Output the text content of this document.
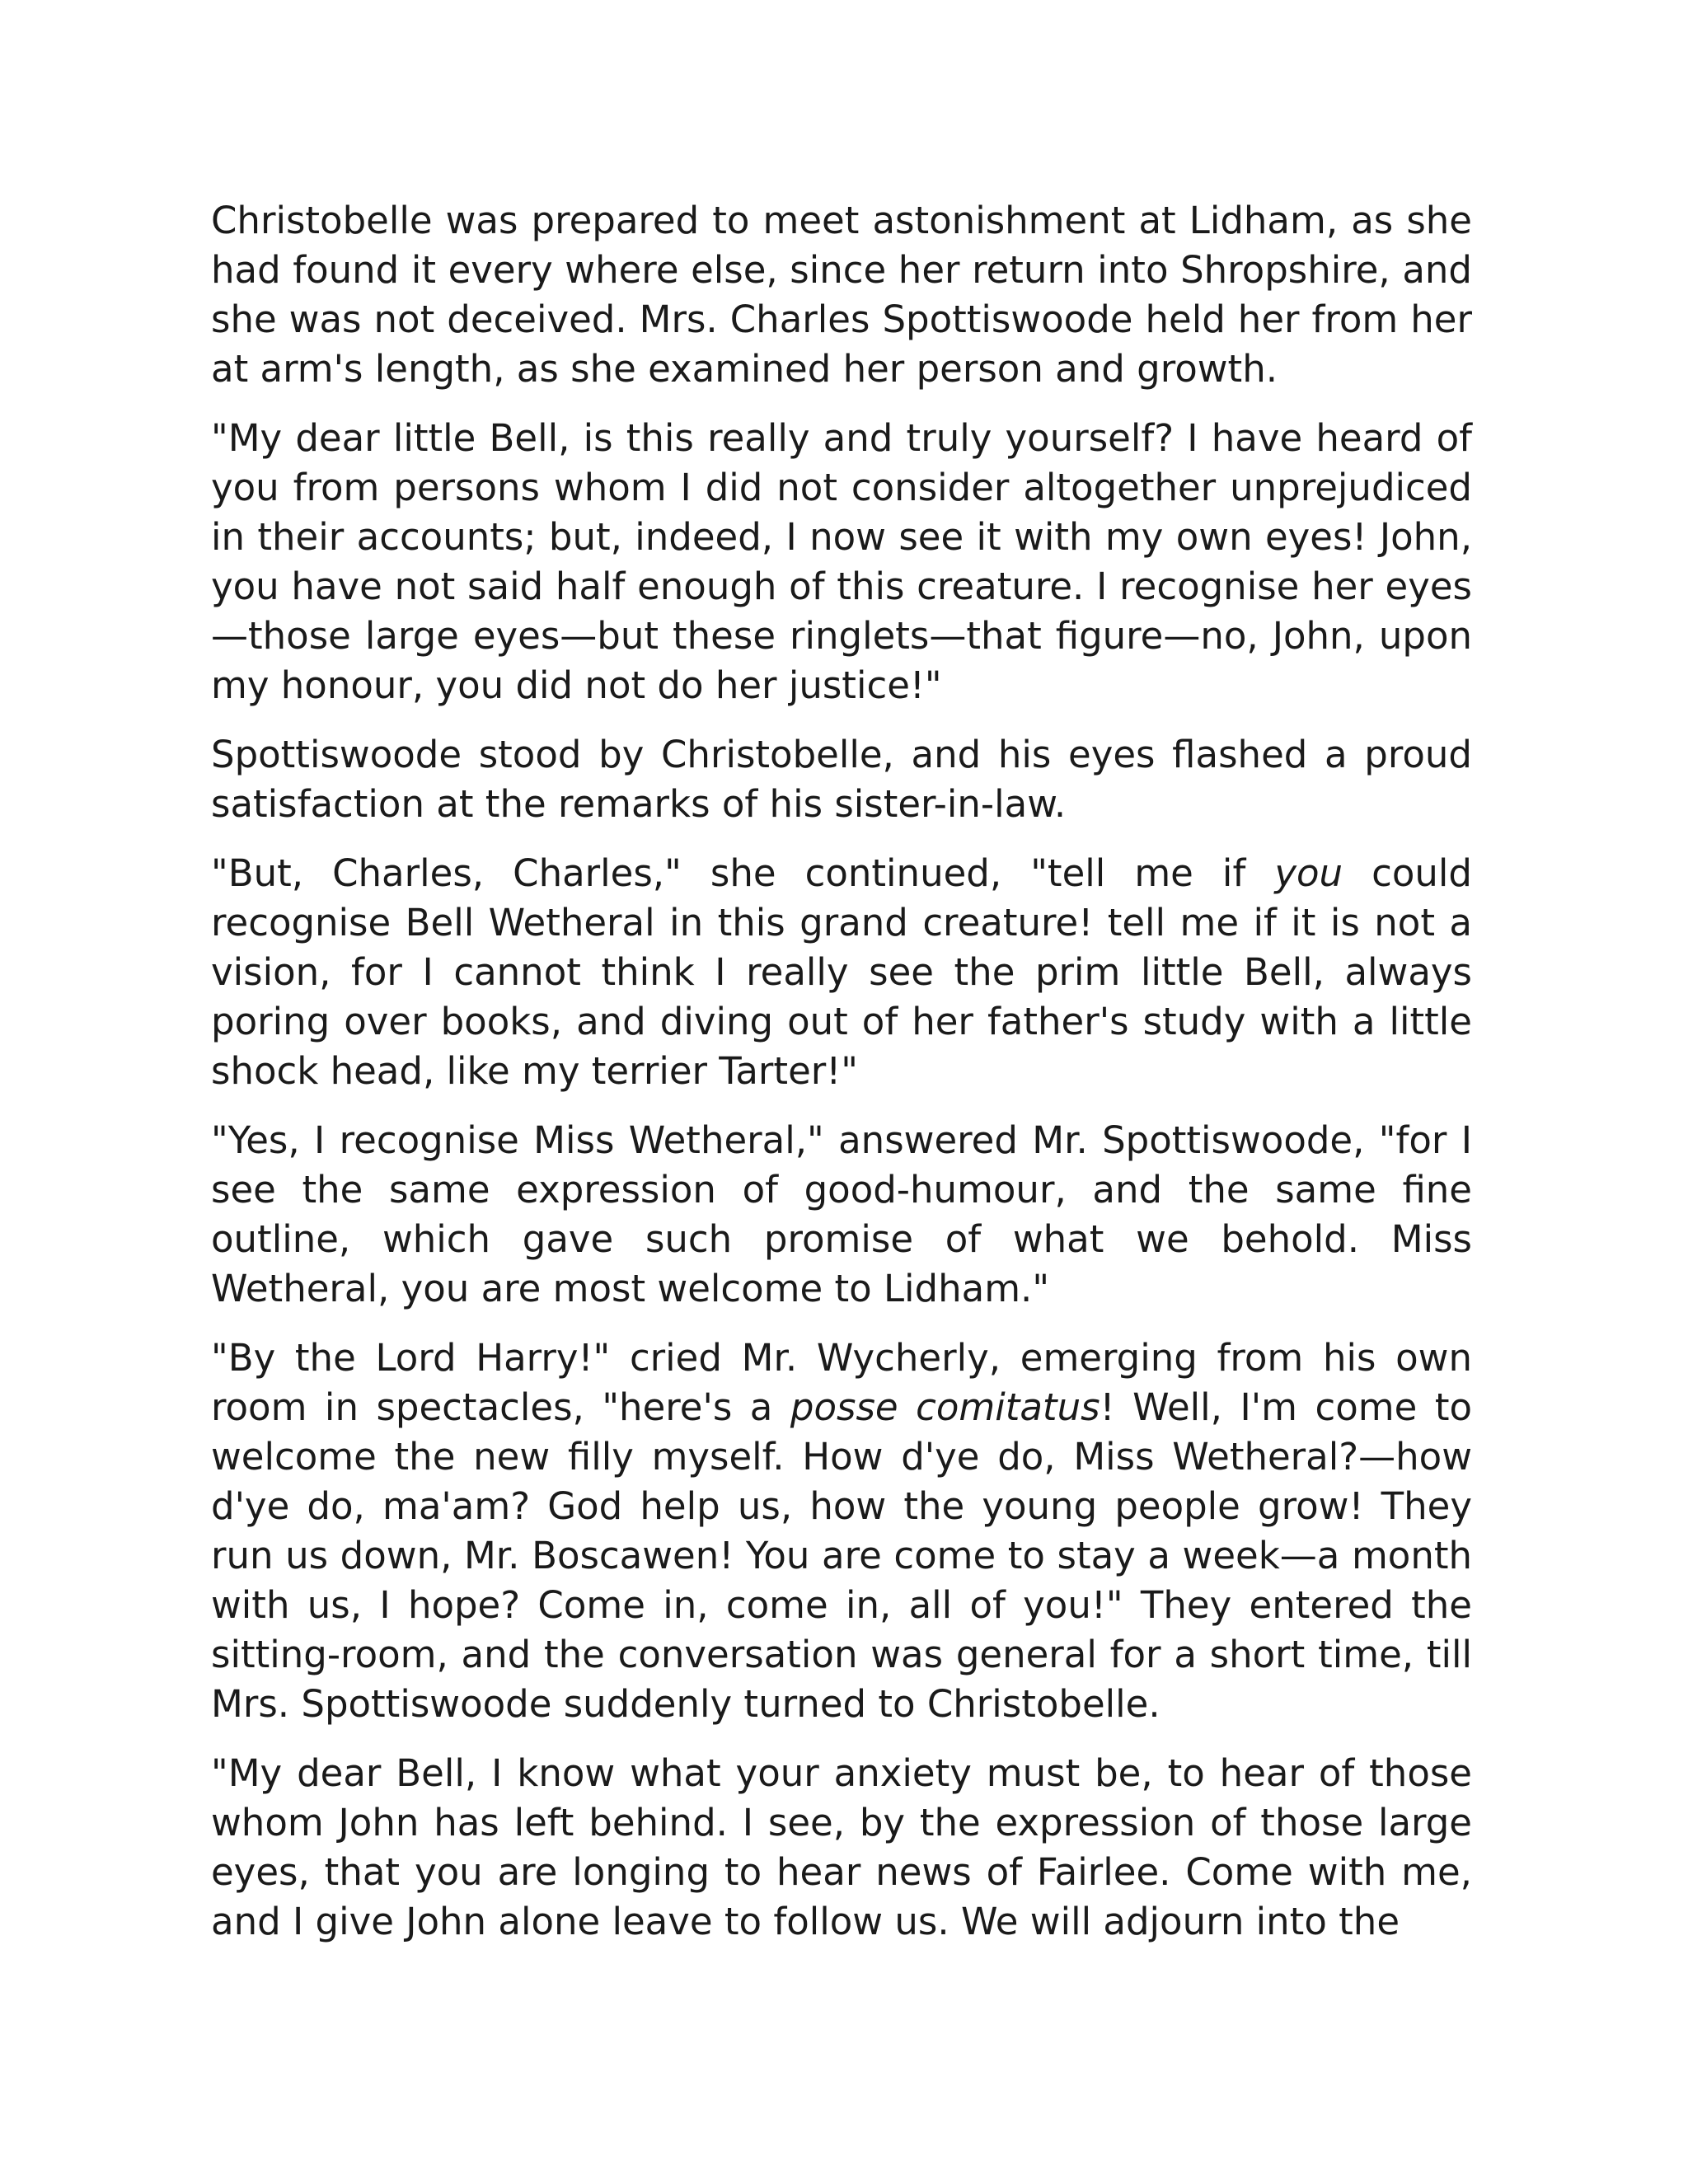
Christobelle was prepared to meet astonishment at Lidham, as she had found it every where else, since her return into Shropshire, and she was not deceived. Mrs. Charles Spottiswoode held her from her at arm's length, as she examined her person and growth.

"My dear little Bell, is this really and truly yourself? I have heard of you from persons whom I did not consider altogether unprejudiced in their accounts; but, indeed, I now see it with my own eyes! John, you have not said half enough of this creature. I recognise her eyes—those large eyes—but these ringlets—that figure—no, John, upon my honour, you did not do her justice!"

Spottiswoode stood by Christobelle, and his eyes flashed a proud satisfaction at the remarks of his sister-in-law.

"But, Charles, Charles," she continued, "tell me if you could recognise Bell Wetheral in this grand creature! tell me if it is not a vision, for I cannot think I really see the prim little Bell, always poring over books, and diving out of her father's study with a little shock head, like my terrier Tarter!"

"Yes, I recognise Miss Wetheral," answered Mr. Spottiswoode, "for I see the same expression of good-humour, and the same fine outline, which gave such promise of what we behold. Miss Wetheral, you are most welcome to Lidham."

"By the Lord Harry!" cried Mr. Wycherly, emerging from his own room in spectacles, "here's a posse comitatus! Well, I'm come to welcome the new filly myself. How d'ye do, Miss Wetheral?—how d'ye do, ma'am? God help us, how the young people grow! They run us down, Mr. Boscawen! You are come to stay a week—a month with us, I hope? Come in, come in, all of you!" They entered the sitting-room, and the conversation was general for a short time, till Mrs. Spottiswoode suddenly turned to Christobelle.

"My dear Bell, I know what your anxiety must be, to hear of those whom John has left behind. I see, by the expression of those large eyes, that you are longing to hear news of Fairlee. Come with me, and I give John alone leave to follow us. We will adjourn into the
